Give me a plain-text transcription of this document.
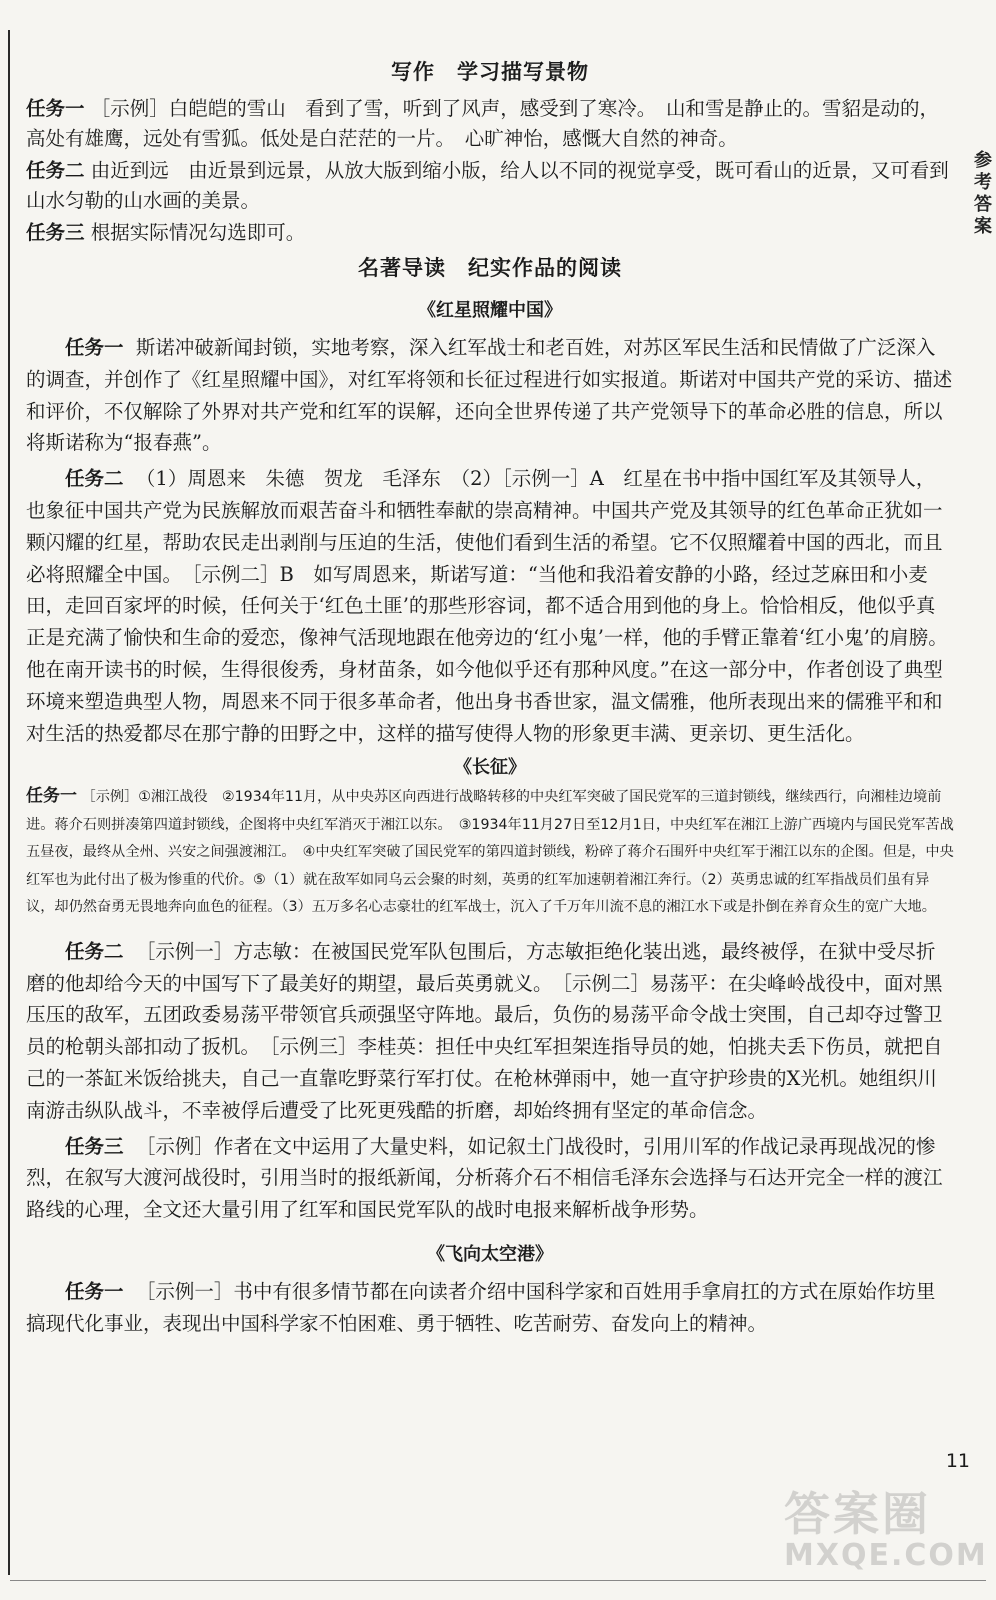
写作　学习描写景物

任务一 ［示例］白皑皑的雪山　看到了雪，听到了风声，感受到了寒冷。　山和雪是静止的。雪貂是动的，高处有雄鹰，远处有雪狐。低处是白茫茫的一片。　心旷神怡，感慨大自然的神奇。

任务二 由近到远　由近景到远景，从放大版到缩小版，给人以不同的视觉享受，既可看山的近景，又可看到山水匀勒的山水画的美景。

任务三 根据实际情况勾选即可。

名著导读　纪实作品的阅读
《红星照耀中国》

任务一 斯诺冲破新闻封锁，实地考察，深入红军战士和老百姓，对苏区军民生活和民情做了广泛深入的调查，并创作了《红星照耀中国》，对红军将领和长征过程进行如实报道。斯诺对中国共产党的采访、描述和评价，不仅解除了外界对共产党和红军的误解，还向全世界传递了共产党领导下的革命必胜的信息，所以将斯诺称为“报春燕”。

任务二 （1）周恩来　朱德　贺龙　毛泽东　（2）［示例一］A　红星在书中指中国红军及其领导人，也象征中国共产党为民族解放而艰苦奋斗和牺牲奉献的崇高精神。中国共产党及其领导的红色革命正犹如一颗闪耀的红星，帮助农民走出剥削与压迫的生活，使他们看到生活的希望。它不仅照耀着中国的西北，而且必将照耀全中国。　［示例二］B　如写周恩来，斯诺写道：“当他和我沿着安静的小路，经过芝麻田和小麦田，走回百家坪的时候，任何关于‘红色土匪’的那些形容词，都不适合用到他的身上。恰恰相反，他似乎真正是充满了愉快和生命的爱恋，像神气活现地跟在他旁边的‘红小鬼’一样，他的手臂正靠着‘红小鬼’的肩膀。他在南开读书的时候，生得很俊秀，身材苗条，如今他似乎还有那种风度。”在这一部分中，作者创设了典型环境来塑造典型人物，周恩来不同于很多革命者，他出身书香世家，温文儒雅，他所表现出来的儒雅平和和对生活的热爱都尽在那宁静的田野之中，这样的描写使得人物的形象更丰满、更亲切、更生活化。

《长征》

任务一 ［示例］①湘江战役　②1934年11月，从中央苏区向西进行战略转移的中央红军突破了国民党军的三道封锁线，继续西行，向湘桂边境前进。蒋介石则拼凑第四道封锁线，企图将中央红军消灭于湘江以东。　③1934年11月27日至12月1日，中央红军在湘江上游广西境内与国民党军苦战五昼夜，最终从全州、兴安之间强渡湘江。　④中央红军突破了国民党军的第四道封锁线，粉碎了蒋介石围歼中央红军于湘江以东的企图。但是，中央红军也为此付出了极为惨重的代价。⑤（1）就在敌军如同乌云会聚的时刻，英勇的红军加速朝着湘江奔行。（2）英勇忠诚的红军指战员们虽有异议，却仍然奋勇无畏地奔向血色的征程。（3）五万多名心志豪壮的红军战士，沉入了千万年川流不息的湘江水下或是扑倒在养育众生的宽广大地。

任务二 ［示例一］方志敏：在被国民党军队包围后，方志敏拒绝化装出逃，最终被俘，在狱中受尽折磨的他却给今天的中国写下了最美好的期望，最后英勇就义。　［示例二］易荡平：在尖峰岭战役中，面对黑压压的敌军，五团政委易荡平带领官兵顽强坚守阵地。最后，负伤的易荡平命令战士突围，自己却夺过警卫员的枪朝头部扣动了扳机。　［示例三］李桂英：担任中央红军担架连指导员的她，怕挑夫丢下伤员，就把自己的一茶缸米饭给挑夫，自己一直靠吃野菜行军打仗。在枪林弹雨中，她一直守护珍贵的X光机。她组织川南游击纵队战斗，不幸被俘后遭受了比死更残酷的折磨，却始终拥有坚定的革命信念。

任务三 ［示例］作者在文中运用了大量史料，如记叙土门战役时，引用川军的作战记录再现战况的惨烈，在叙写大渡河战役时，引用当时的报纸新闻，分析蒋介石不相信毛泽东会选择与石达开完全一样的渡江路线的心理，全文还大量引用了红军和国民党军队的战时电报来解析战争形势。

《飞向太空港》

任务一 ［示例一］书中有很多情节都在向读者介绍中国科学家和百姓用手拿肩扛的方式在原始作坊里搞现代化事业，表现出中国科学家不怕困难、勇于牺牲、吃苦耐劳、奋发向上的精神。

参考答案
11
答案圈
MXQE.COM
